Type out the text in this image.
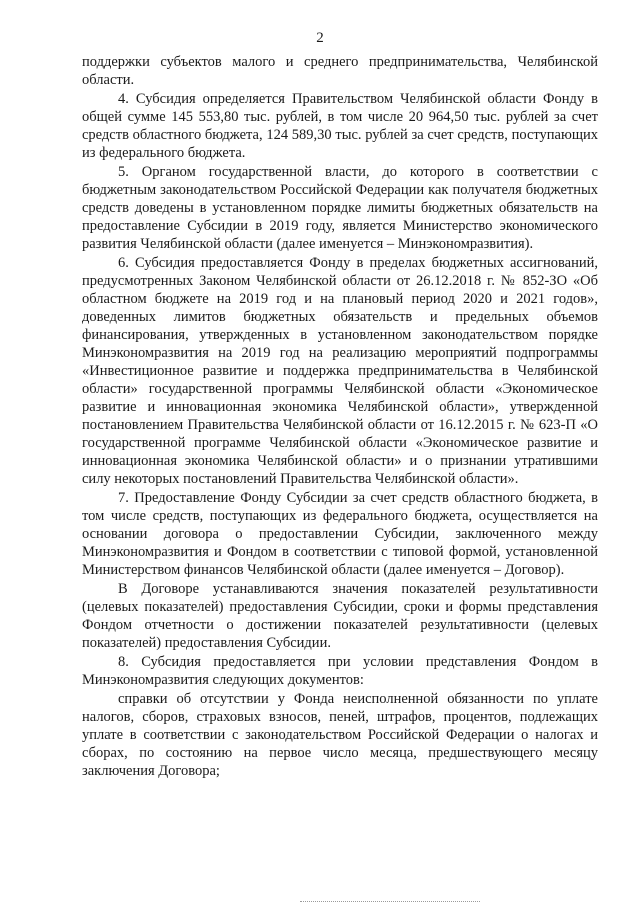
2

поддержки субъектов малого и среднего предпринимательства, Челябинской области.

4. Субсидия определяется Правительством Челябинской области Фонду в общей сумме 145 553,80 тыс. рублей, в том числе 20 964,50 тыс. рублей за счет средств областного бюджета, 124 589,30 тыс. рублей за счет средств, поступающих из федерального бюджета.

5. Органом государственной власти, до которого в соответствии с бюджетным законодательством Российской Федерации как получателя бюджетных средств доведены в установленном порядке лимиты бюджетных обязательств на предоставление Субсидии в 2019 году, является Министерство экономического развития Челябинской области (далее именуется – Минэкономразвития).

6. Субсидия предоставляется Фонду в пределах бюджетных ассигнований, предусмотренных Законом Челябинской области от 26.12.2018 г. № 852-ЗО «Об областном бюджете на 2019 год и на плановый период 2020 и 2021 годов», доведенных лимитов бюджетных обязательств и предельных объемов финансирования, утвержденных в установленном законодательством порядке Минэкономразвития на 2019 год на реализацию мероприятий подпрограммы «Инвестиционное развитие и поддержка предпринимательства в Челябинской области» государственной программы Челябинской области «Экономическое развитие и инновационная экономика Челябинской области», утвержденной постановлением Правительства Челябинской области от 16.12.2015 г. № 623-П «О государственной программе Челябинской области «Экономическое развитие и инновационная экономика Челябинской области» и о признании утратившими силу некоторых постановлений Правительства Челябинской области».

7. Предоставление Фонду Субсидии за счет средств областного бюджета, в том числе средств, поступающих из федерального бюджета, осуществляется на основании договора о предоставлении Субсидии, заключенного между Минэкономразвития и Фондом в соответствии с типовой формой, установленной Министерством финансов Челябинской области (далее именуется – Договор).

В Договоре устанавливаются значения показателей результативности (целевых показателей) предоставления Субсидии, сроки и формы представления Фондом отчетности о достижении показателей результативности (целевых показателей) предоставления Субсидии.

8. Субсидия предоставляется при условии представления Фондом в Минэкономразвития следующих документов:

справки об отсутствии у Фонда неисполненной обязанности по уплате налогов, сборов, страховых взносов, пеней, штрафов, процентов, подлежащих уплате в соответствии с законодательством Российской Федерации о налогах и сборах, по состоянию на первое число месяца, предшествующего месяцу заключения Договора;
